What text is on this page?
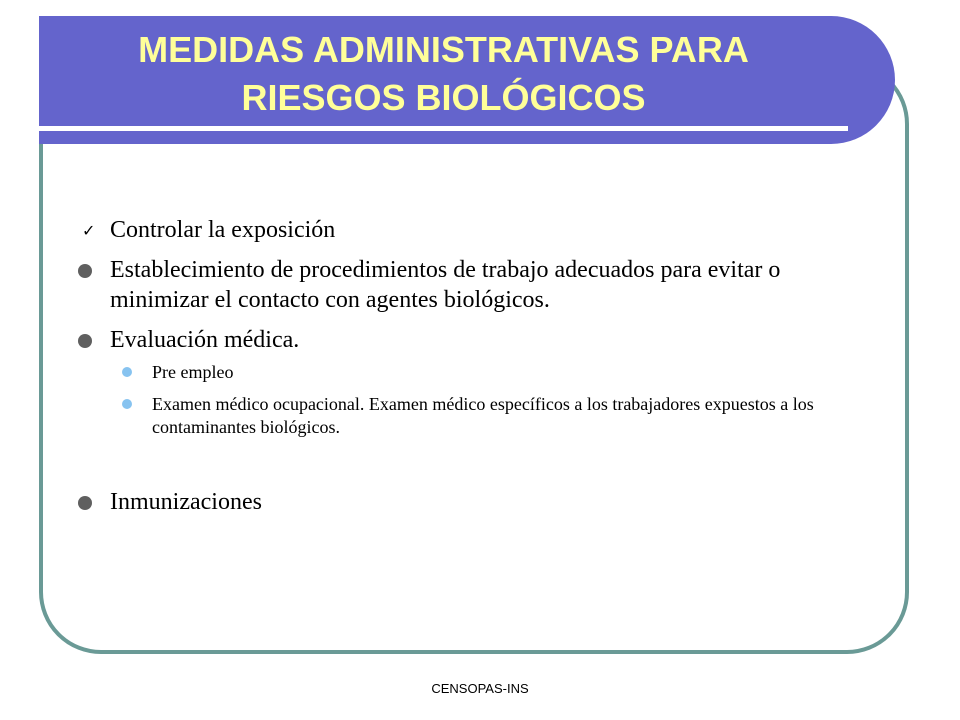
MEDIDAS ADMINISTRATIVAS PARA
RIESGOS BIOLÓGICOS
✓ Controlar la exposición
Establecimiento de procedimientos de trabajo adecuados para evitar o minimizar el contacto con agentes biológicos.
Evaluación médica.
Pre empleo
Examen médico ocupacional. Examen médico específicos a los trabajadores expuestos a los contaminantes biológicos.
Inmunizaciones
CENSOPAS-INS
